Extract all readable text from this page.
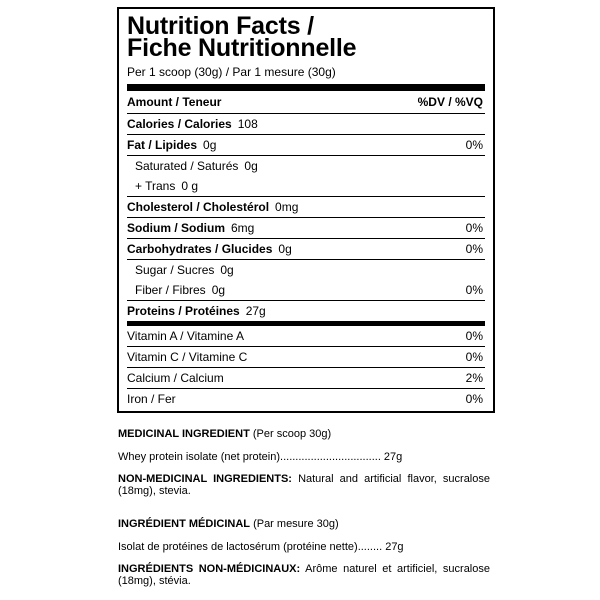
Nutrition Facts /
Fiche Nutritionnelle
Per 1 scoop (30g) / Par 1 mesure (30g)
Amount / Teneur	%DV / %VQ
Calories / Calories 108
Fat / Lipides 0g	0%
Saturated / Saturés 0g
+ Trans 0 g
Cholesterol / Cholestérol 0mg
Sodium / Sodium 6mg	0%
Carbohydrates / Glucides 0g	0%
Sugar / Sucres 0g
Fiber / Fibres 0g	0%
Proteins / Protéines 27g
Vitamin A / Vitamine A	0%
Vitamin C / Vitamine C	0%
Calcium / Calcium	2%
Iron / Fer	0%
MEDICINAL INGREDIENT (Per scoop 30g)
Whey protein isolate (net protein)................................. 27g
NON-MEDICINAL INGREDIENTS: Natural and artificial flavor, sucralose (18mg), stevia.
INGRÉDIENT MÉDICINAL (Par mesure 30g)
Isolat de protéines de lactosérum (protéine nette)........ 27g
INGRÉDIENTS NON-MÉDICINAUX: Arôme naturel et artificiel, sucralose (18mg), stévia.
